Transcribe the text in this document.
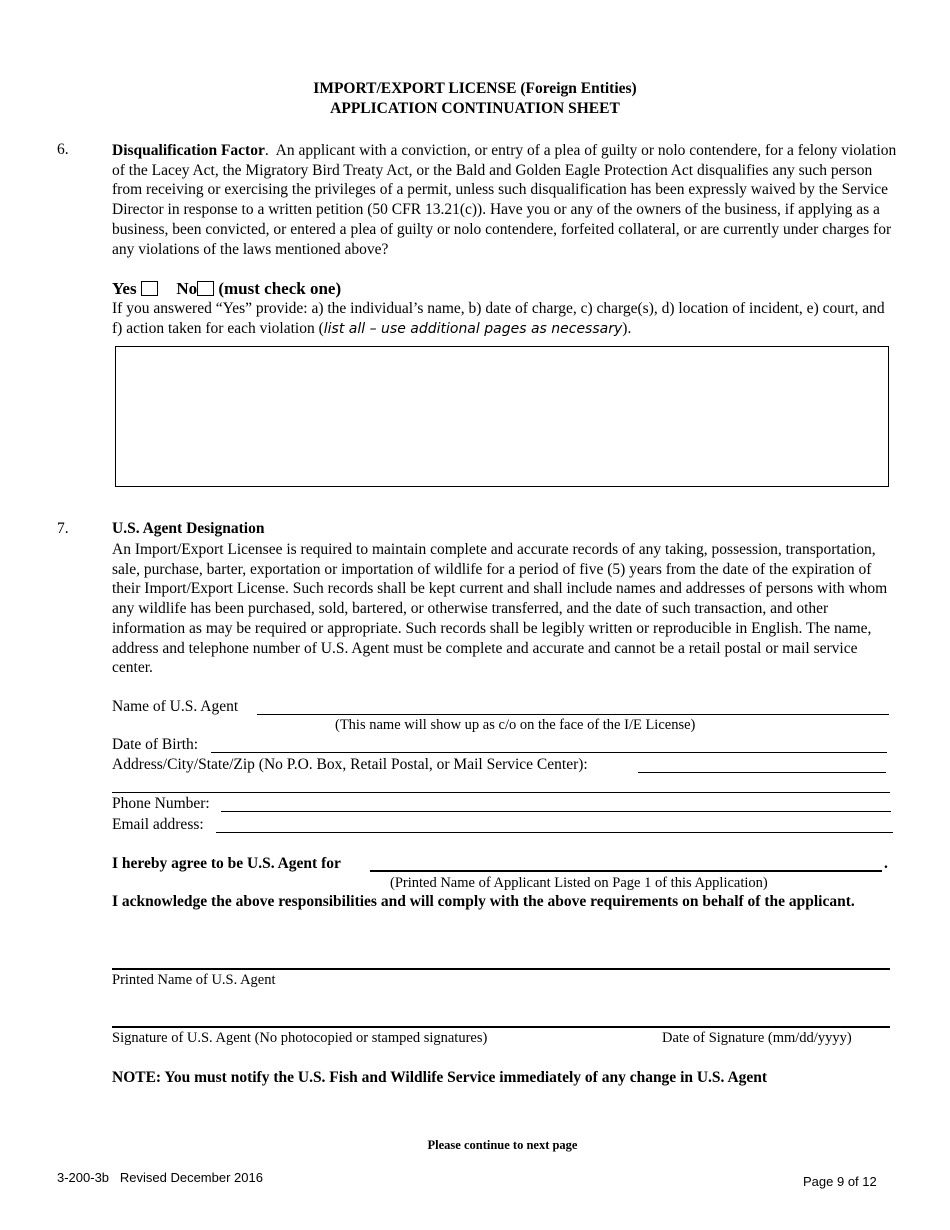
IMPORT/EXPORT LICENSE (Foreign Entities)
APPLICATION CONTINUATION SHEET
6.	Disqualification Factor. An applicant with a conviction, or entry of a plea of guilty or nolo contendere, for a felony violation of the Lacey Act, the Migratory Bird Treaty Act, or the Bald and Golden Eagle Protection Act disqualifies any such person from receiving or exercising the privileges of a permit, unless such disqualification has been expressly waived by the Service Director in response to a written petition (50 CFR 13.21(c)). Have you or any of the owners of the business, if applying as a business, been convicted, or entered a plea of guilty or nolo contendere, forfeited collateral, or are currently under charges for any violations of the laws mentioned above?
Yes No (must check one)
If you answered “Yes” provide: a) the individual’s name, b) date of charge, c) charge(s), d) location of incident, e) court, and f) action taken for each violation (list all – use additional pages as necessary).
7.	U.S. Agent Designation
An Import/Export Licensee is required to maintain complete and accurate records of any taking, possession, transportation, sale, purchase, barter, exportation or importation of wildlife for a period of five (5) years from the date of the expiration of their Import/Export License. Such records shall be kept current and shall include names and addresses of persons with whom any wildlife has been purchased, sold, bartered, or otherwise transferred, and the date of such transaction, and other information as may be required or appropriate. Such records shall be legibly written or reproducible in English. The name, address and telephone number of U.S. Agent must be complete and accurate and cannot be a retail postal or mail service center.
Name of U.S. Agent
(This name will show up as c/o on the face of the I/E License)
Date of Birth:
Address/City/State/Zip (No P.O. Box, Retail Postal, or Mail Service Center):
Phone Number:
Email address:
I hereby agree to be U.S. Agent for	.
(Printed Name of Applicant Listed on Page 1 of this Application)
I acknowledge the above responsibilities and will comply with the above requirements on behalf of the applicant.
Printed Name of U.S. Agent
Signature of U.S. Agent (No photocopied or stamped signatures)	Date of Signature (mm/dd/yyyy)
NOTE: You must notify the U.S. Fish and Wildlife Service immediately of any change in U.S. Agent
Please continue to next page
3-200-3b   Revised December 2016	Page 9 of 12
